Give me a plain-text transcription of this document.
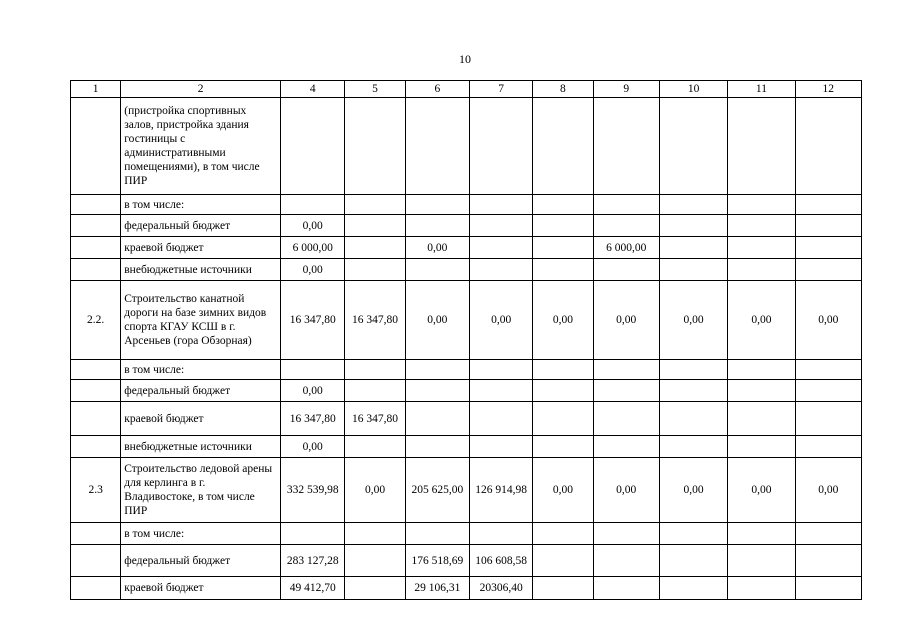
10
1	2	4	5	6	7	8	9	10	11	12
	(пристройка спортивных залов, пристройка здания гостиницы с административными помещениями), в том числе ПИР									
	в том числе:									
	федеральный бюджет	0,00								
	краевой бюджет	6 000,00		0,00			6 000,00			
	внебюджетные источники	0,00								
2.2.	Строительство канатной дороги на базе зимних видов спорта КГАУ КСШ в г. Арсеньев (гора Обзорная)	16 347,80	16 347,80	0,00	0,00	0,00	0,00	0,00	0,00	0,00
	в том числе:									
	федеральный бюджет	0,00								
	краевой бюджет	16 347,80	16 347,80							
	внебюджетные источники	0,00								
2.3	Строительство ледовой арены для керлинга в г. Владивостоке, в том числе ПИР	332 539,98	0,00	205 625,00	126 914,98	0,00	0,00	0,00	0,00	0,00
	в том числе:									
	федеральный бюджет	283 127,28		176 518,69	106 608,58					
	краевой бюджет	49 412,70		29 106,31	20306,40					
